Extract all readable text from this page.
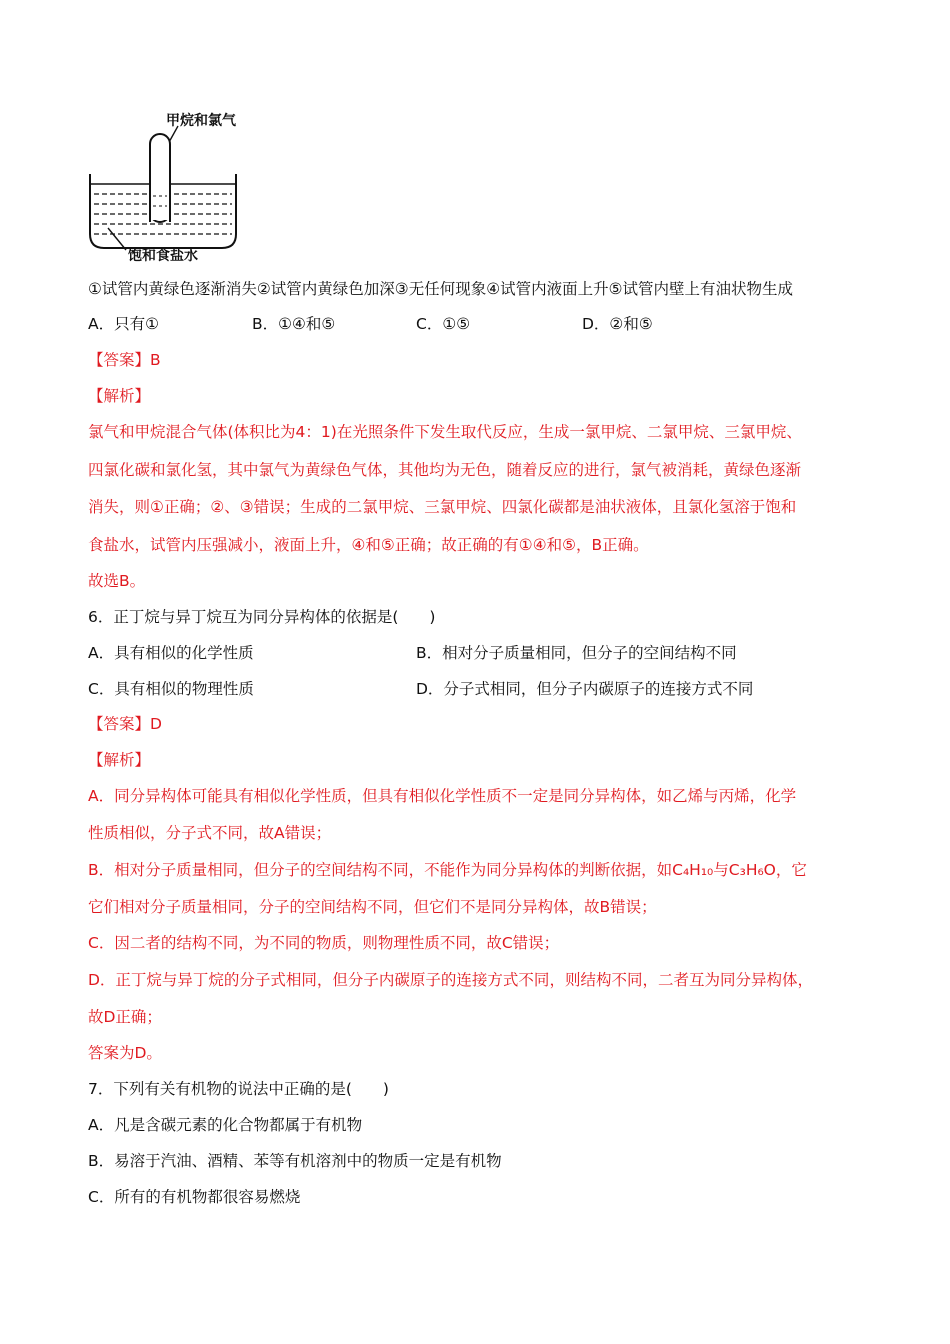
甲烷和氯气
饱和食盐水
①试管内黄绿色逐渐消失②试管内黄绿色加深③无任何现象④试管内液面上升⑤试管内壁上有油状物生成
A．只有①	B．①④和⑤	C．①⑤	D．②和⑤
【答案】B
【解析】
氯气和甲烷混合气体(体积比为4：1)在光照条件下发生取代反应，生成一氯甲烷、二氯甲烷、三氯甲烷、
四氯化碳和氯化氢，其中氯气为黄绿色气体，其他均为无色，随着反应的进行，氯气被消耗，黄绿色逐渐
消失，则①正确；②、③错误；生成的二氯甲烷、三氯甲烷、四氯化碳都是油状液体，且氯化氢溶于饱和
食盐水，试管内压强减小，液面上升，④和⑤正确；故正确的有①④和⑤，B正确。
故选B。
6．正丁烷与异丁烷互为同分异构体的依据是(　　)
A．具有相似的化学性质	B．相对分子质量相同，但分子的空间结构不同
C．具有相似的物理性质	D．分子式相同，但分子内碳原子的连接方式不同
【答案】D
【解析】
A．同分异构体可能具有相似化学性质，但具有相似化学性质不一定是同分异构体，如乙烯与丙烯，化学
性质相似，分子式不同，故A错误；
B．相对分子质量相同，但分子的空间结构不同，不能作为同分异构体的判断依据，如C₄H₁₀与C₃H₆O，它
它们相对分子质量相同，分子的空间结构不同，但它们不是同分异构体，故B错误；
C．因二者的结构不同，为不同的物质，则物理性质不同，故C错误；
D．正丁烷与异丁烷的分子式相同，但分子内碳原子的连接方式不同，则结构不同，二者互为同分异构体，
故D正确；
答案为D。
7．下列有关有机物的说法中正确的是(　　)
A．凡是含碳元素的化合物都属于有机物
B．易溶于汽油、酒精、苯等有机溶剂中的物质一定是有机物
C．所有的有机物都很容易燃烧
